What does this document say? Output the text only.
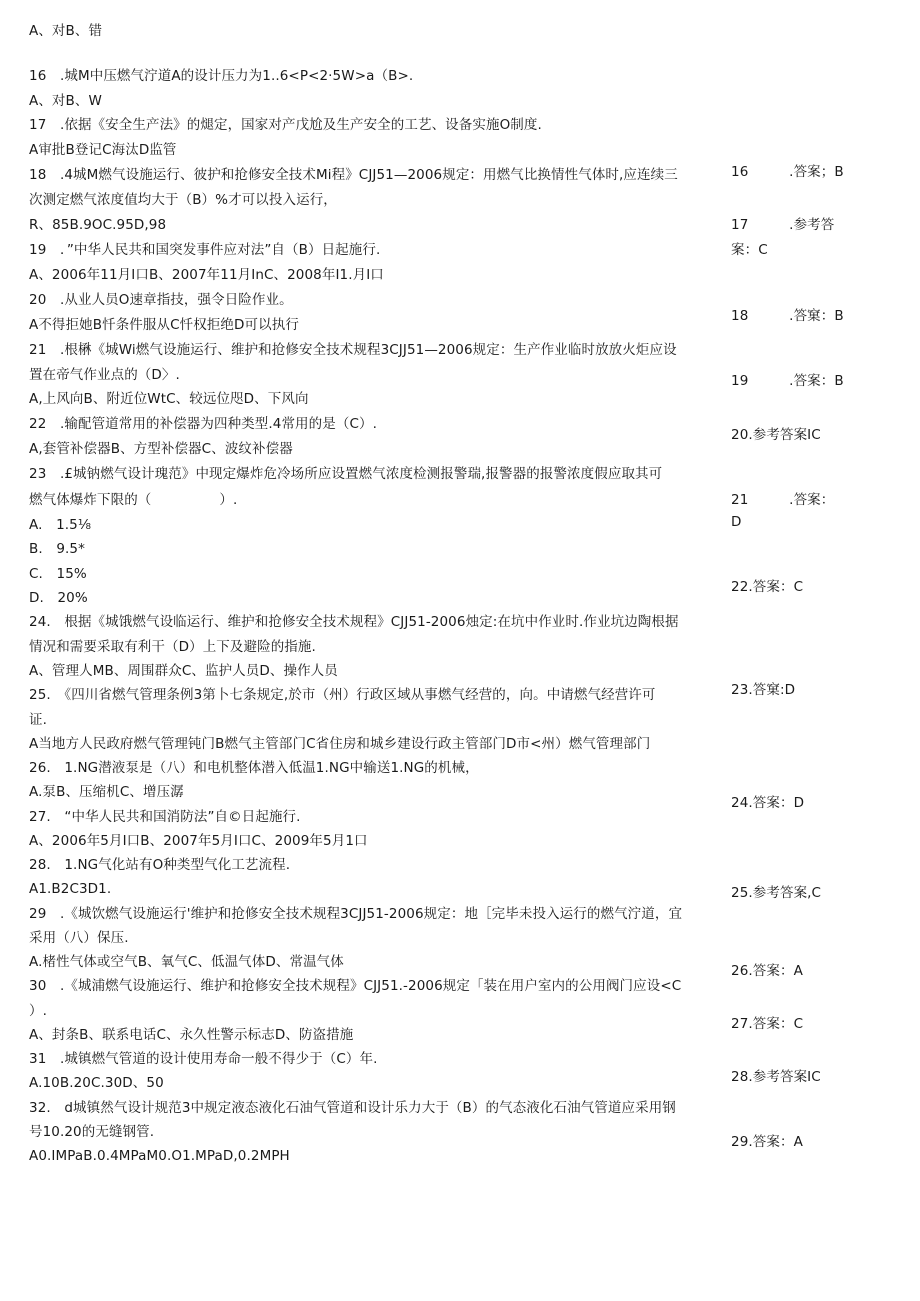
A、对B、错
16　.城M中压燃气泞道A的设计压力为1..6<P<2·5W>a（B>.
A、对B、W
17　.依据《安全生产法》的煺定，国家对产戊尬及生产安全的工艺、设备实施O制度.
A审批B登记C海汰D监管
18　.4城M燃气设施运行、彼护和抢修安全技术Mi程》CJJ51—2006规定：用燃气比换情性气体时,应连续三
次测定燃气浓度值均大于（B）%才可以投入运行，
R、85B.9OC.95D,98
19　．”中华人民共和国突发事件应对法”自（B）日起施行.
A、2006年11月I口B、2007年11月InC、2008年I1.月I口
20　.从业人员O速章指技，强令日险作业。
A不得拒她B忏条件服从C忏权拒绝D可以执行
21　.根楙《城Wi燃气设施运行、维护和抢修安全技术规程3CJJ51—2006规定：生产作业临时放放火炬应设
置在帝气作业点的（D〉.
A,上风向B、附近位WtC、较远位咫D、下风向
22　.输配管道常用的补偿器为四种类型.4常用的是（C）.
A,套管补偿器B、方型补偿器C、波纹补偿器
23　.£城钠燃气设计瑰范》中现定爆炸危冷场所应设置燃气浓度检测报警瑞,报警器的报警浓度假应取其可
燃气体爆炸下限的（　　　　　）.
A.　1.5⅛
B.　9.5*
C.　15%
D.　20%
24.　根据《城饿燃气设临运行、维护和抢修安全技术规程》CJJ51-2006烛定:在坑中作业时.作业坑边陶根据
情况和需要采取有利干（D）上下及避险的指施.
A、管理人MB、周围群众C、监护人员D、操作人员
25.　《四川省燃气管理条例3第卜七条规定,於市（州）行政区域从事燃气经营的，向。中请燃气经营许可
证.
A当地方人民政府燃气管理钝门B燃气主管部门C省住房和城乡建设行政主管部门D市<州）燃气管理部门
26.　1.NG潜液泵是（八）和电机整体潜入低温1.NG中输送1.NG的机械，
A.泵B、压缩机C、增压潺
27.　“中华人民共和国消防法”自©日起施行.
A、2006年5月I口B、2007年5月I口C、2009年5月1口
28.　1.NG气化站有O种类型气化工艺流程.
A1.B2C3D1.
29　.《城饮燃气设施运行'维护和抢修安全技术规程3CJJ51-2006规定：地［完毕未投入运行的燃气泞道，宜
采用（八）保压.
A.楮性气体或空气B、氧气C、低温气体D、常温气体
30　.《城浦燃气设施运行、维护和抢修安全技术规程》CJJ51.-2006规定「装在用户室内的公用阀门应设<C
）.
A、封条B、联系电话C、永久性警示标志D、防盗措施
31　.城镇燃气管道的设计使用寿命一般不得少于（C）年.
A.10B.20C.30D、50
32.　d城镇然气设计规范3中规定液态液化石油气管道和设计乐力大于（B）的气态液化石油气管道应采用钢
号10.20的无缝钢管.
A0.IMPaB.0.4MPaM0.O1.MPaD,0.2MPH
16　　　.答案；B
17　　　.参考答
案：C
18　　　.答窠：B
19　　　.答案：B
20.参考答案IC
21　　　.答案：
D
22.答案：C
23.答窠:D
24.答案：D
25.参考答案,C
26.答案：A
27.答案：C
28.参考答案IC
29.答案：A
